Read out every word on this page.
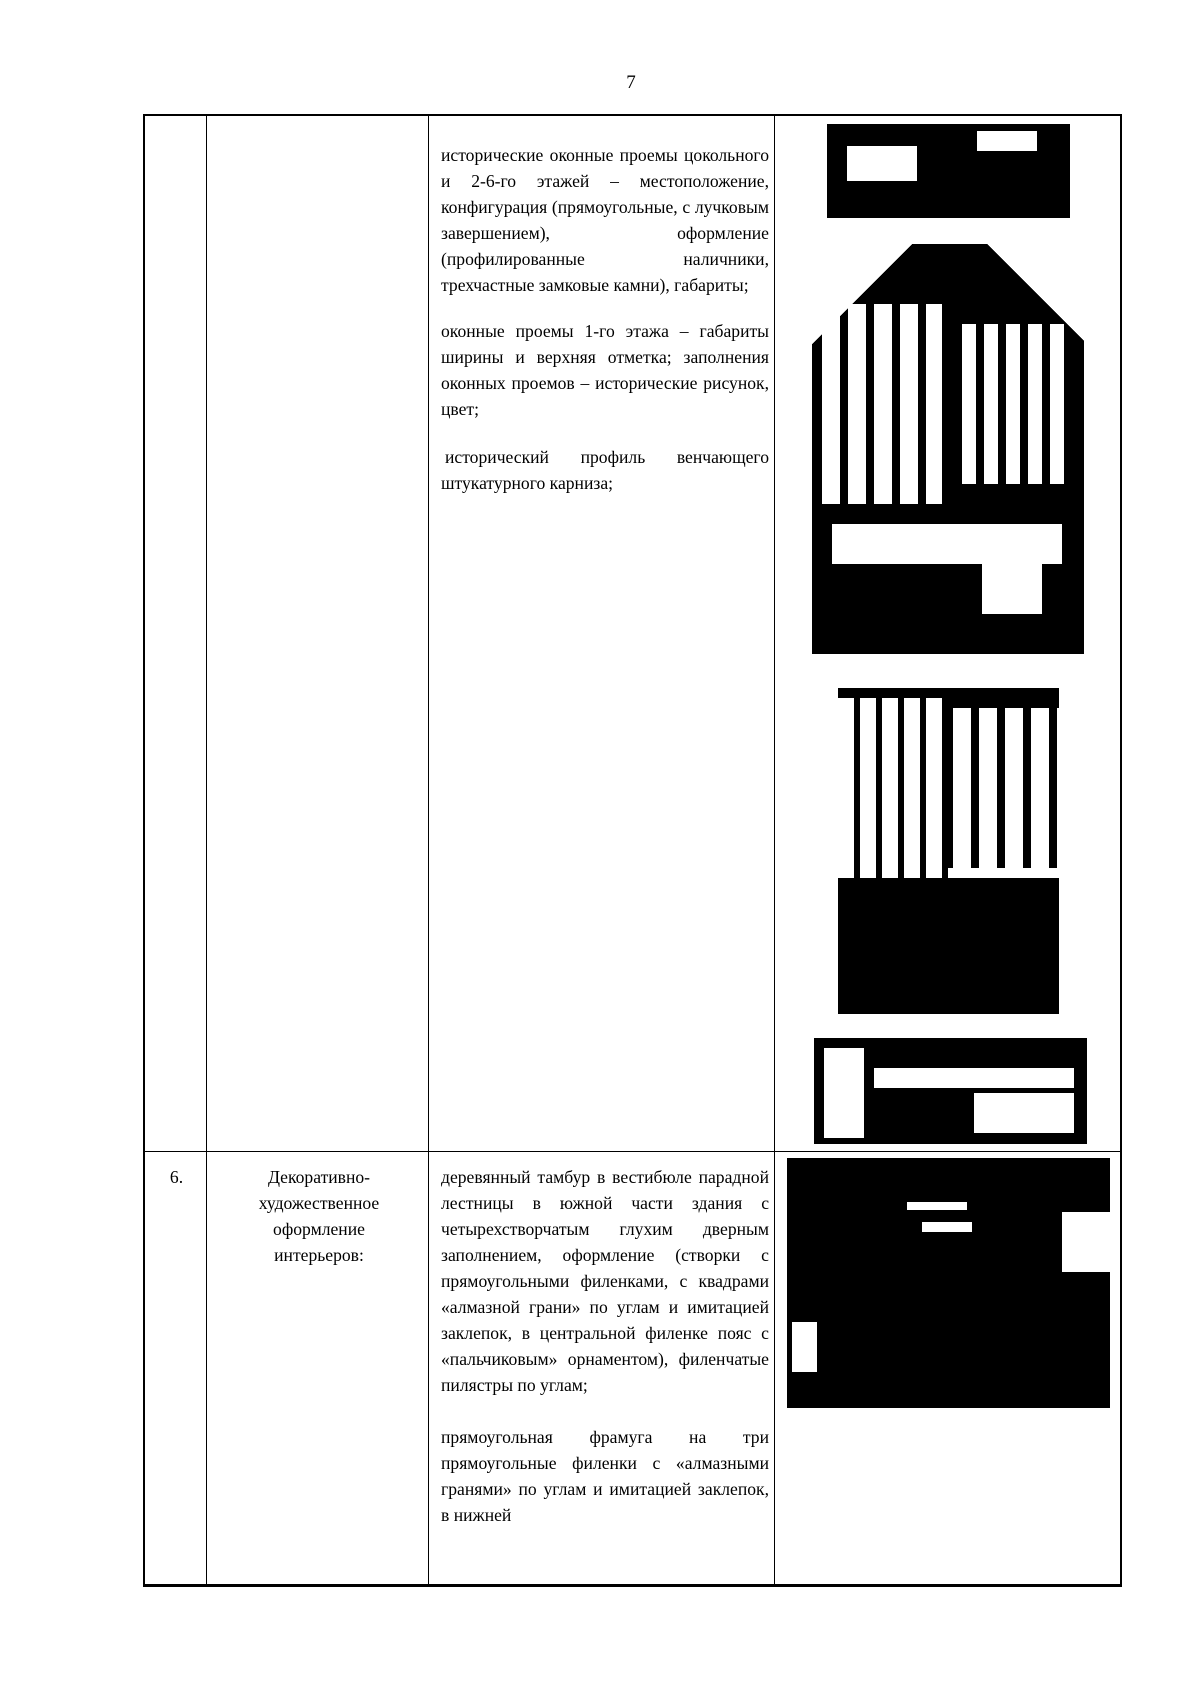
7

исторические оконные проемы цокольного и 2-6-го этажей – местоположение, конфигурация (прямоугольные, с лучковым завершением), оформление (профилированные наличники, трехчастные замковые камни), габариты;

оконные проемы 1-го этажа – габариты ширины и верхняя отметка; заполнения оконных проемов – исторические рисунок, цвет;

исторический профиль венчающего штукатурного карниза;

6.	Декоративно-художественное оформление интерьеров:

деревянный тамбур в вестибюле парадной лестницы в южной части здания с четырехстворчатым глухим дверным заполнением, оформление (створки с прямоугольными филенками, с квадрами «алмазной грани» по углам и имитацией заклепок, в центральной филенке пояс с «пальчиковым» орнаментом), филенчатые пилястры по углам;

прямоугольная фрамуга на три прямоугольные филенки с «алмазными гранями» по углам и имитацией заклепок, в нижней
